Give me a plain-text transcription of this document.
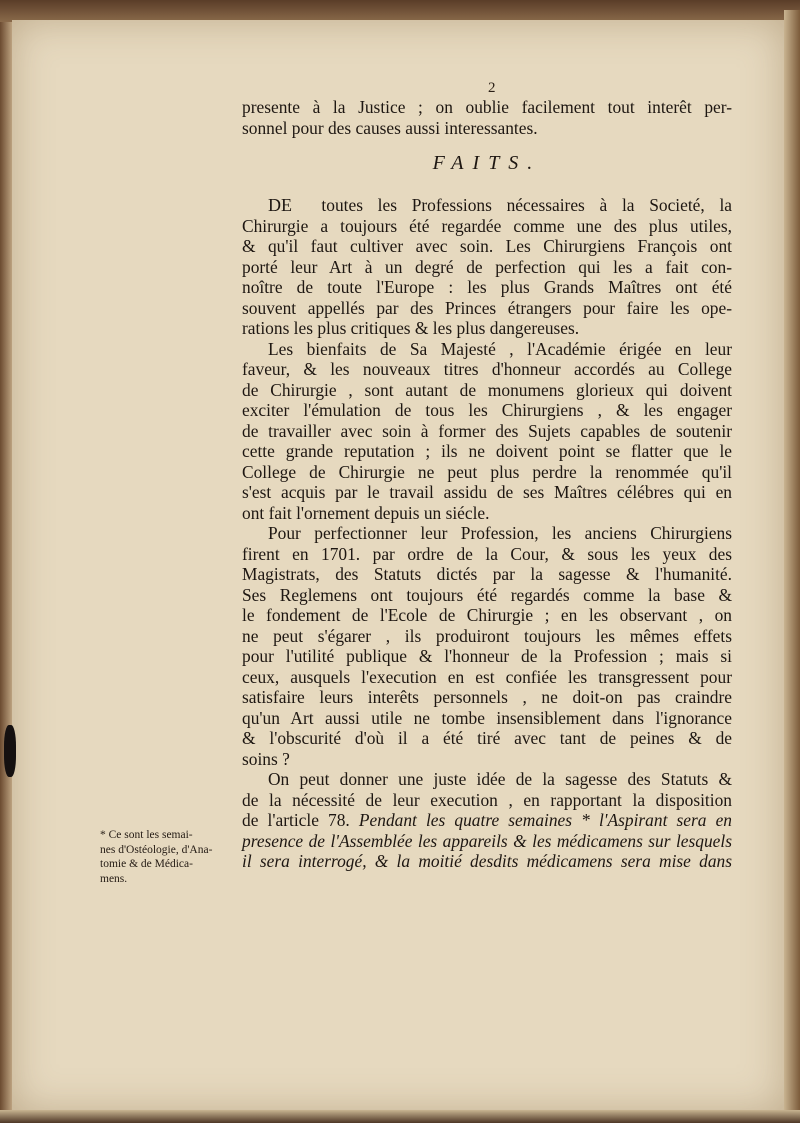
2
presente à la Justice ; on oublie facilement tout interêt per-
sonnel pour des causes aussi interessantes.
FAITS.
DE toutes les Professions nécessaires à la Societé, la
Chirurgie a toujours été regardée comme une des plus utiles,
& qu'il faut cultiver avec soin. Les Chirurgiens François ont
porté leur Art à un degré de perfection qui les a fait con-
noître de toute l'Europe : les plus Grands Maîtres ont été
souvent appellés par des Princes étrangers pour faire les ope-
rations les plus critiques & les plus dangereuses.
Les bienfaits de Sa Majesté , l'Académie érigée en leur
faveur, & les nouveaux titres d'honneur accordés au College
de Chirurgie , sont autant de monumens glorieux qui doivent
exciter l'émulation de tous les Chirurgiens , & les engager
de travailler avec soin à former des Sujets capables de soutenir
cette grande reputation ; ils ne doivent point se flatter que le
College de Chirurgie ne peut plus perdre la renommée qu'il
s'est acquis par le travail assidu de ses Maîtres célébres qui en
ont fait l'ornement depuis un siécle.
Pour perfectionner leur Profession, les anciens Chirurgiens
firent en 1701. par ordre de la Cour, & sous les yeux des
Magistrats, des Statuts dictés par la sagesse & l'humanité.
Ses Reglemens ont toujours été regardés comme la base &
le fondement de l'Ecole de Chirurgie ; en les observant , on
ne peut s'égarer , ils produiront toujours les mêmes effets
pour l'utilité publique & l'honneur de la Profession ; mais si
ceux, ausquels l'execution en est confiée les transgressent pour
satisfaire leurs interêts personnels , ne doit-on pas craindre
qu'un Art aussi utile ne tombe insensiblement dans l'ignorance
& l'obscurité d'où il a été tiré avec tant de peines & de
soins ?
On peut donner une juste idée de la sagesse des Statuts &
de la nécessité de leur execution , en rapportant la disposition
de l'article 78. Pendant les quatre semaines * l'Aspirant sera en
presence de l'Assemblée les appareils & les médicamens sur lesquels
il sera interrogé, & la moitié desdits médicamens sera mise dans
* Ce sont les semai-
nes d'Ostéologie, d'Ana-
tomie & de Médica-
mens.
